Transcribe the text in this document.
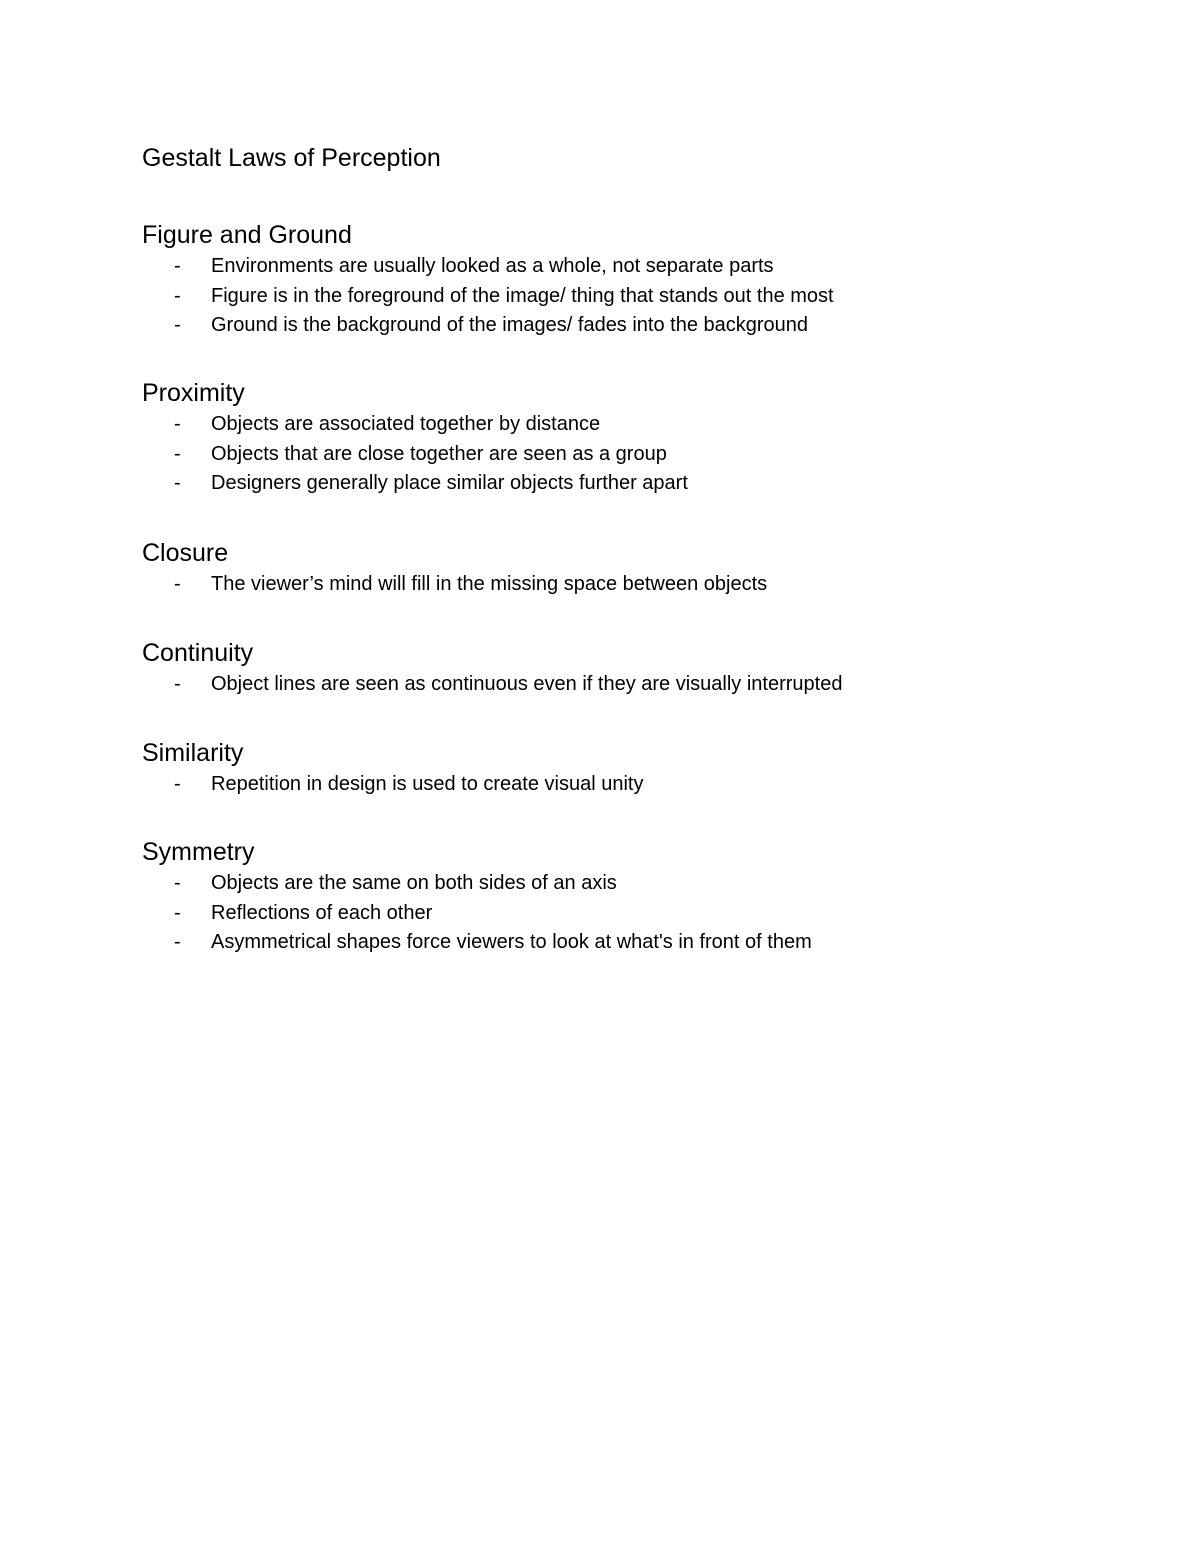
Gestalt Laws of Perception
Figure and Ground
- Environments are usually looked as a whole, not separate parts
- Figure is in the foreground of the image/ thing that stands out the most
- Ground is the background of the images/ fades into the background
Proximity
- Objects are associated together by distance
- Objects that are close together are seen as a group
- Designers generally place similar objects further apart
Closure
- The viewer’s mind will fill in the missing space between objects
Continuity
- Object lines are seen as continuous even if they are visually interrupted
Similarity
- Repetition in design is used to create visual unity
Symmetry
- Objects are the same on both sides of an axis
- Reflections of each other
- Asymmetrical shapes force viewers to look at what's in front of them
